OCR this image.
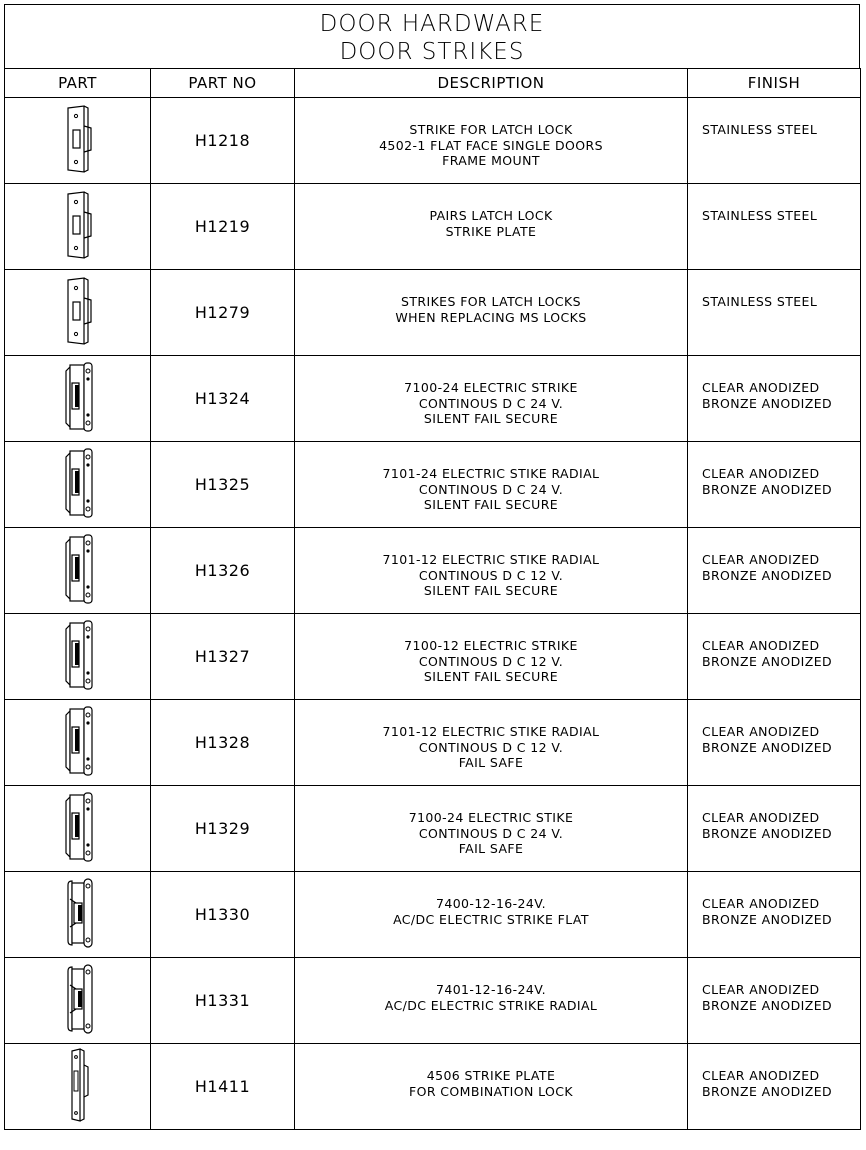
DOOR HARDWARE
DOOR STRIKES
PART	PART NO	DESCRIPTION	FINISH
	H1218	STRIKE FOR LATCH LOCK
4502-1 FLAT FACE SINGLE DOORS
FRAME MOUNT	STAINLESS STEEL

	H1219	PAIRS LATCH LOCK
STRIKE PLATE	STAINLESS STEEL

	H1279	STRIKES FOR LATCH LOCKS
WHEN REPLACING MS LOCKS	STAINLESS STEEL

	H1324	7100-24 ELECTRIC STRIKE
CONTINOUS D C 24 V.
SILENT FAIL SECURE	CLEAR ANODIZED
BRONZE ANODIZED

	H1325	7101-24 ELECTRIC STIKE RADIAL
CONTINOUS D C 24 V.
SILENT FAIL SECURE	CLEAR ANODIZED
BRONZE ANODIZED

	H1326	7101-12 ELECTRIC STIKE RADIAL
CONTINOUS D C 12 V.
SILENT FAIL SECURE	CLEAR ANODIZED
BRONZE ANODIZED

	H1327	7100-12 ELECTRIC STRIKE
CONTINOUS D C 12 V.
SILENT FAIL SECURE	CLEAR ANODIZED
BRONZE ANODIZED

	H1328	7101-12 ELECTRIC STIKE RADIAL
CONTINOUS D C 12 V.
FAIL SAFE	CLEAR ANODIZED
BRONZE ANODIZED

	H1329	7100-24 ELECTRIC STIKE
CONTINOUS D C 24 V.
FAIL SAFE	CLEAR ANODIZED
BRONZE ANODIZED

	H1330	7400-12-16-24V.
AC/DC ELECTRIC STRIKE FLAT	CLEAR ANODIZED
BRONZE ANODIZED

	H1331	7401-12-16-24V.
AC/DC ELECTRIC STRIKE RADIAL	CLEAR ANODIZED
BRONZE ANODIZED

	H1411	4506 STRIKE PLATE
FOR COMBINATION LOCK	CLEAR ANODIZED
BRONZE ANODIZED
